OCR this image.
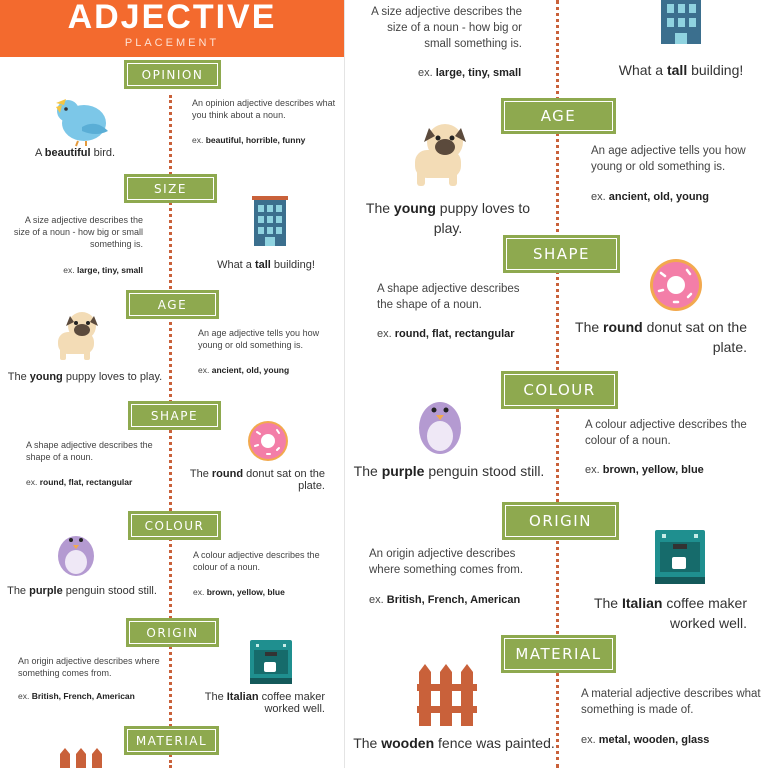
ADJECTIVE
PLACEMENT
OPINION
A beautiful bird.
An opinion adjective describes what you think about a noun.
ex. beautiful, horrible, funny
SIZE
A size adjective describes the size of a noun - how big or small something is.
ex. large, tiny, small	What a tall building!
AGE
The young puppy loves to play.
An age adjective tells you how young or old something is.
ex. ancient, old, young
SHAPE
A shape adjective describes the shape of a noun.
ex. round, flat, rectangular
The round donut sat on the plate.
COLOUR
The purple penguin stood still.
A colour adjective describes the colour of a noun.
ex. brown, yellow, blue
ORIGIN
An origin adjective describes where something comes from.
ex. British, French, American	The Italian coffee maker worked well.
MATERIAL
A size adjective describes the size of a noun - how big or small something is.
ex. large, tiny, small	What a tall building!
AGE
The young puppy loves to play.
An age adjective tells you how young or old something is.
ex. ancient, old, young
SHAPE
A shape adjective describes the shape of a noun.
ex. round, flat, rectangular	The round donut sat on the plate.
COLOUR
The purple penguin stood still.
A colour adjective describes the colour of a noun.
ex. brown, yellow, blue
ORIGIN
An origin adjective describes where something comes from.
ex. British, French, American	The Italian coffee maker worked well.
MATERIAL
The wooden fence was painted.
A material adjective describes what something is made of.
ex. metal, wooden, glass
